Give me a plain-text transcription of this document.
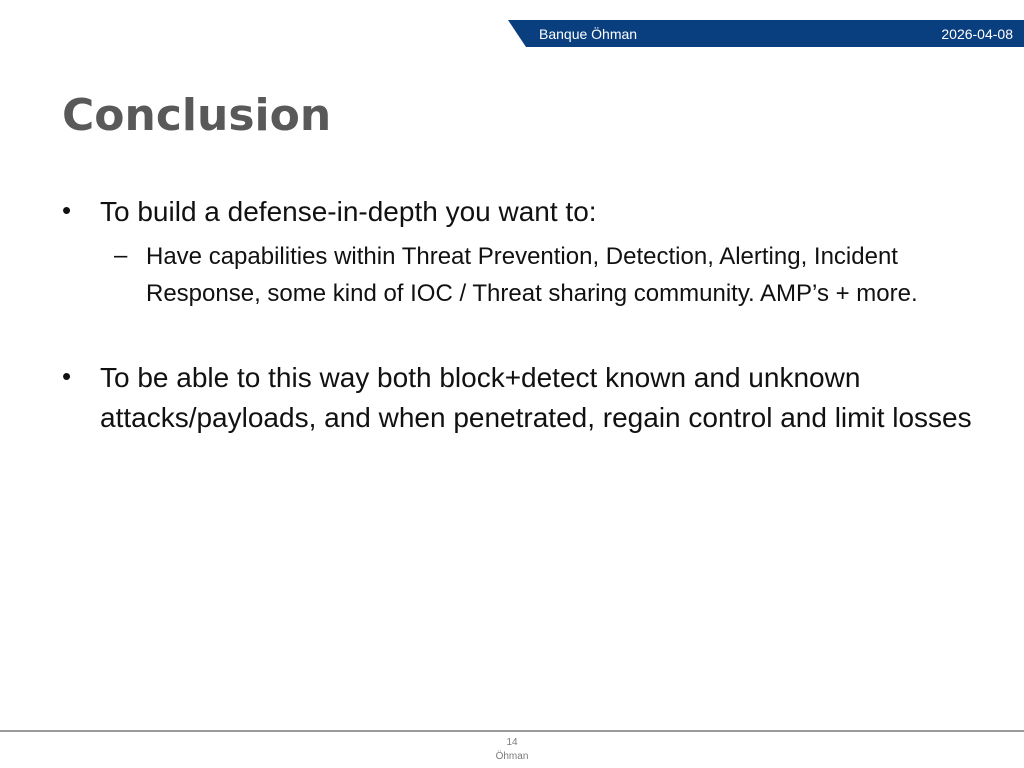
Banque Öhman	2026-04-08
Conclusion
• To build a defense-in-depth you want to:
– Have capabilities within Threat Prevention, Detection, Alerting, Incident Response, some kind of IOC / Threat sharing community. AMP’s + more.
• To be able to this way both block+detect known and unknown attacks/payloads, and when penetrated, regain control and limit losses
14
Öhman
